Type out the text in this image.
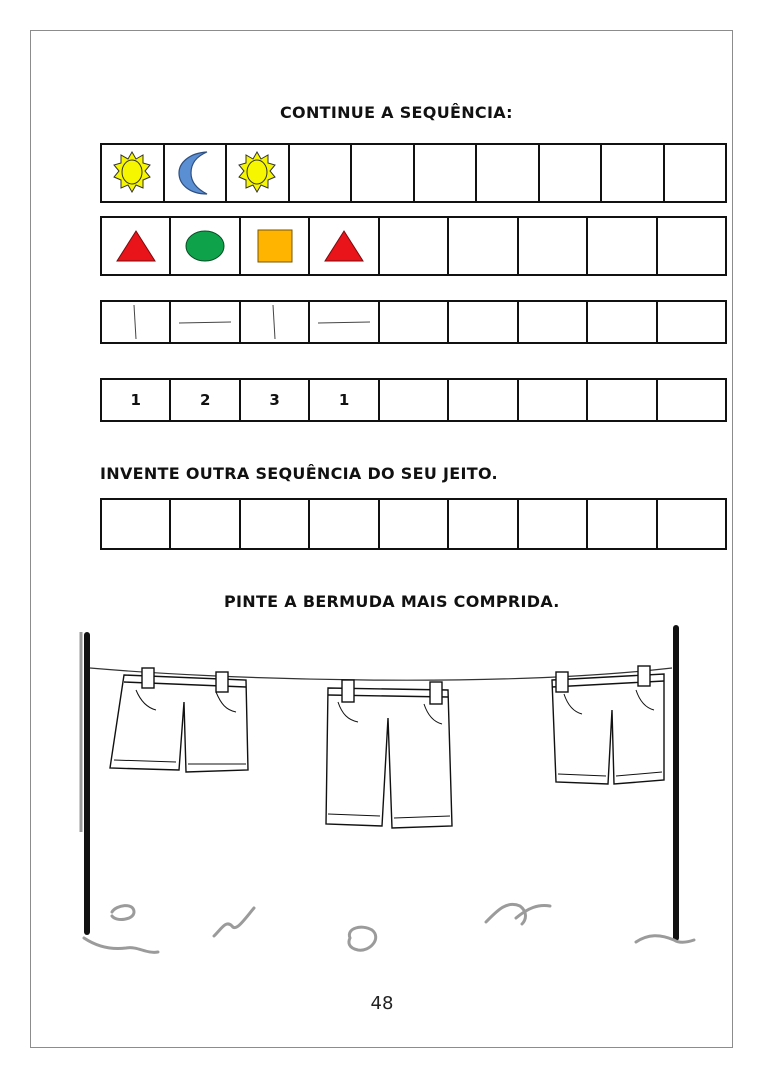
CONTINUE A SEQUÊNCIA:
1	2	3	1
INVENTE OUTRA SEQUÊNCIA DO SEU JEITO.
PINTE A BERMUDA MAIS COMPRIDA.
48
